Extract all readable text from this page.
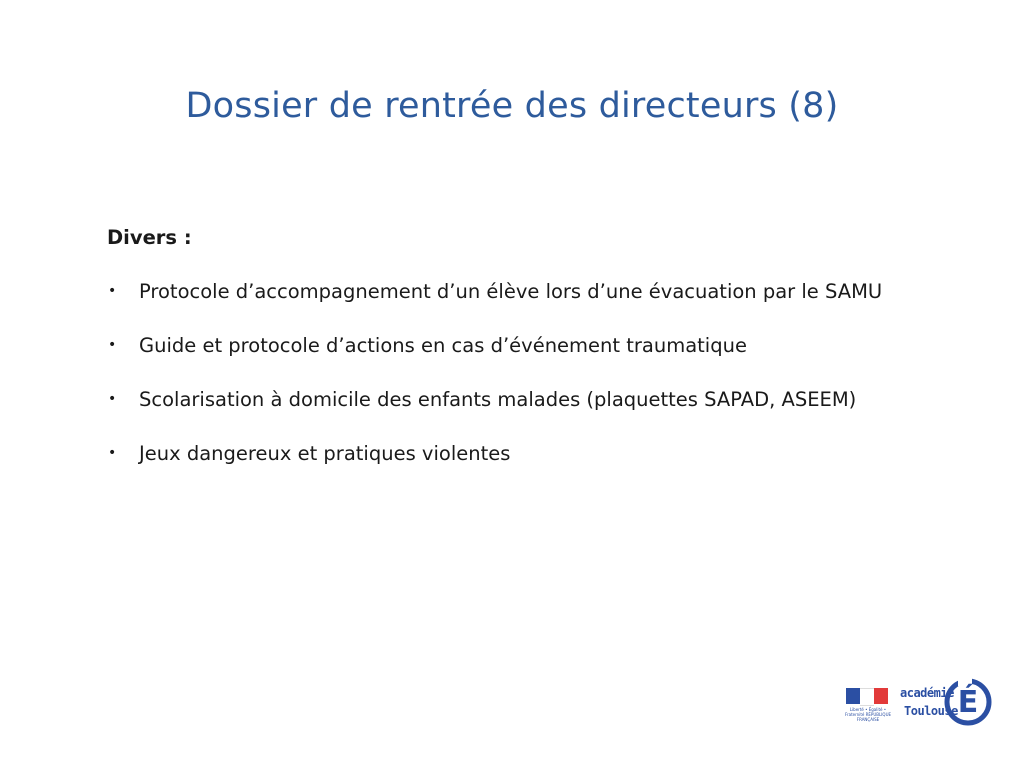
Dossier de rentrée des directeurs (8)
Divers :
• Protocole d’accompagnement d’un élève lors d’une évacuation par le SAMU
• Guide et protocole d’actions en cas d’événement traumatique
• Scolarisation à domicile des enfants malades (plaquettes SAPAD, ASEEM)
• Jeux dangereux et pratiques violentes
Liberté • Égalité • Fraternité RÉPUBLIQUE FRANÇAISE
académie
Toulouse É
